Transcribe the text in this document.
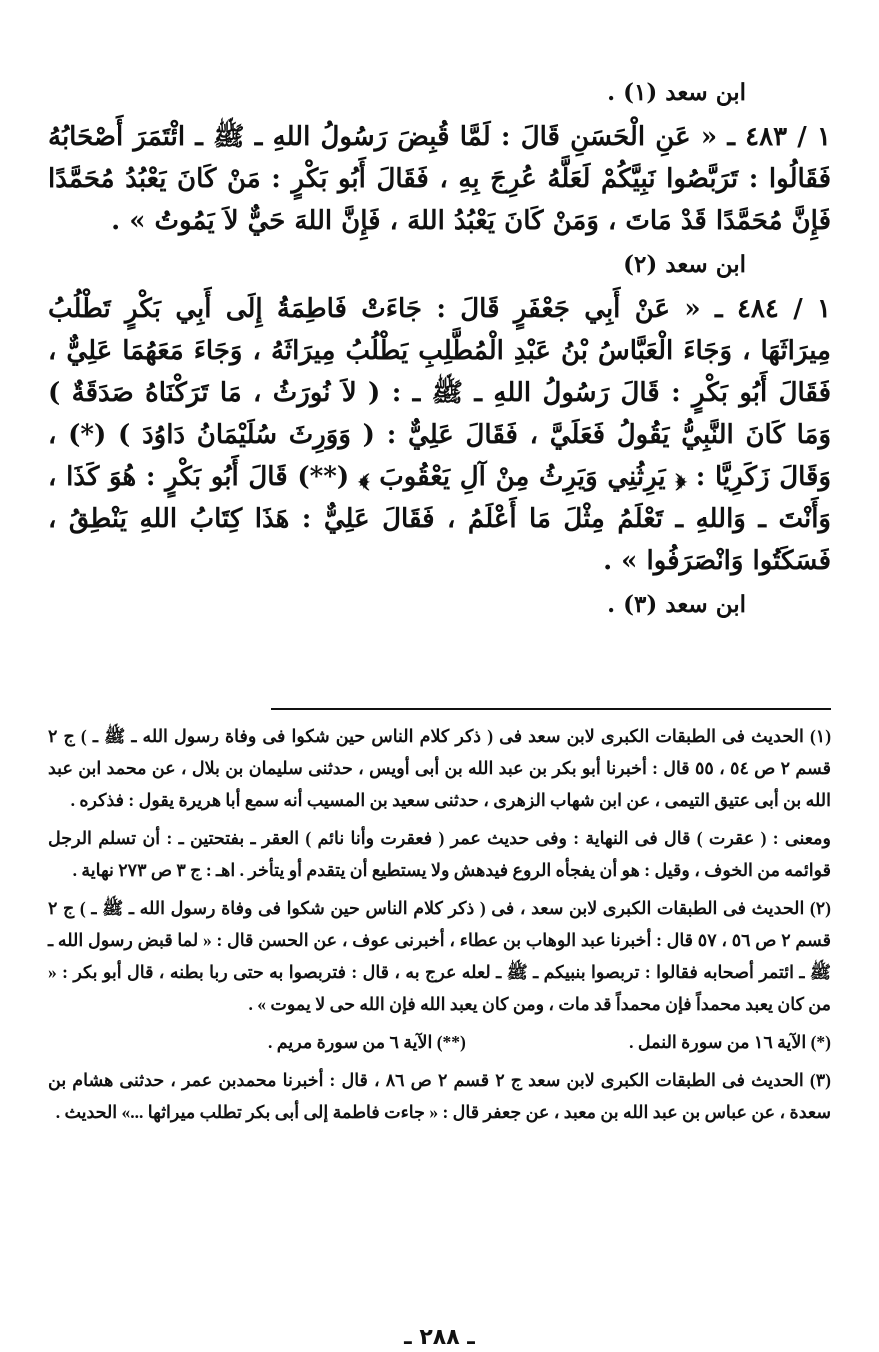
ابن سعد (١) .

١ / ٤٨٣ ـ « عَنِ الْحَسَنِ قَالَ : لَمَّا قُبِضَ رَسُولُ اللهِ ـ ﷺ ـ ائْتَمَرَ أَصْحَابُهُ فَقَالُوا : تَرَبَّصُوا نَبِيَّكُمْ لَعَلَّهُ عُرِجَ بِهِ ، فَقَالَ أَبُو بَكْرٍ : مَنْ كَانَ يَعْبُدُ مُحَمَّدًا فَإِنَّ مُحَمَّدًا قَدْ مَاتَ ، وَمَنْ كَانَ يَعْبُدُ اللهَ ، فَإِنَّ اللهَ حَيٌّ لاَ يَمُوتُ » .

ابن سعد (٢)

١ / ٤٨٤ ـ « عَنْ أَبِي جَعْفَرٍ قَالَ : جَاءَتْ فَاطِمَةُ إِلَى أَبِي بَكْرٍ تَطْلُبُ مِيرَاثَهَا ، وَجَاءَ الْعَبَّاسُ بْنُ عَبْدِ الْمُطَّلِبِ يَطْلُبُ مِيرَاثَهُ ، وَجَاءَ مَعَهُمَا عَلِيٌّ ، فَقَالَ أَبُو بَكْرٍ : قَالَ رَسُولُ اللهِ ـ ﷺ ـ : ( لاَ نُورَثُ ، مَا تَرَكْنَاهُ صَدَقَةٌ ) وَمَا كَانَ النَّبِيُّ يَقُولُ فَعَلَيَّ ، فَقَالَ عَلِيٌّ : ( وَوَرِثَ سُلَيْمَانُ دَاوُدَ ) (*) ، وَقَالَ زَكَرِيَّا : ﴿ يَرِثُنِي وَيَرِثُ مِنْ آلِ يَعْقُوبَ ﴾ (**) قَالَ أَبُو بَكْرٍ : هُوَ كَذَا ، وَأَنْتَ ـ وَاللهِ ـ تَعْلَمُ مِثْلَ مَا أَعْلَمُ ، فَقَالَ عَلِيٌّ : هَذَا كِتَابُ اللهِ يَنْطِقُ ، فَسَكَتُوا وَانْصَرَفُوا » .

ابن سعد (٣) .

(١) الحديث فى الطبقات الكبرى لابن سعد فى ( ذكر كلام الناس حين شكوا فى وفاة رسول الله ـ ﷺ ـ ) ج ٢ قسم ٢ ص ٥٤ ، ٥٥ قال : أخبرنا أبو بكر بن عبد الله بن أبى أويس ، حدثنى سليمان بن بلال ، عن محمد ابن عبد الله بن أبى عتيق التيمى ، عن ابن شهاب الزهرى ، حدثنى سعيد بن المسيب أنه سمع أبا هريرة يقول : فذكره .

ومعنى : ( عقرت ) قال فى النهاية : وفى حديث عمر ( فعقرت وأنا نائم ) العقر ـ بفتحتين ـ : أن تسلم الرجل قوائمه من الخوف ، وقيل : هو أن يفجأه الروع فيدهش ولا يستطيع أن يتقدم أو يتأخر . اهـ : ج ٣ ص ٢٧٣ نهاية .

(٢) الحديث فى الطبقات الكبرى لابن سعد ، فى ( ذكر كلام الناس حين شكوا فى وفاة رسول الله ـ ﷺ ـ ) ج ٢ قسم ٢ ص ٥٦ ، ٥٧ قال : أخبرنا عبد الوهاب بن عطاء ، أخبرنى عوف ، عن الحسن قال : « لما قبض رسول الله ـ ﷺ ـ ائتمر أصحابه فقالوا : تربصوا بنبيكم ـ ﷺ ـ لعله عرج به ، قال : فتربصوا به حتى ربا بطنه ، قال أبو بكر : « من كان يعبد محمداً فإن محمداً قد مات ، ومن كان يعبد الله فإن الله حى لا يموت » .

(*) الآية ١٦ من سورة النمل .
(**) الآية ٦ من سورة مريم .

(٣) الحديث فى الطبقات الكبرى لابن سعد ج ٢ قسم ٢ ص ٨٦ ، قال : أخبرنا محمدبن عمر ، حدثنى هشام بن سعدة ، عن عباس بن عبد الله بن معبد ، عن جعفر قال : « جاءت فاطمة إلى أبى بكر تطلب ميراثها ...» الحديث .

ـ ٢٨٨ ـ
